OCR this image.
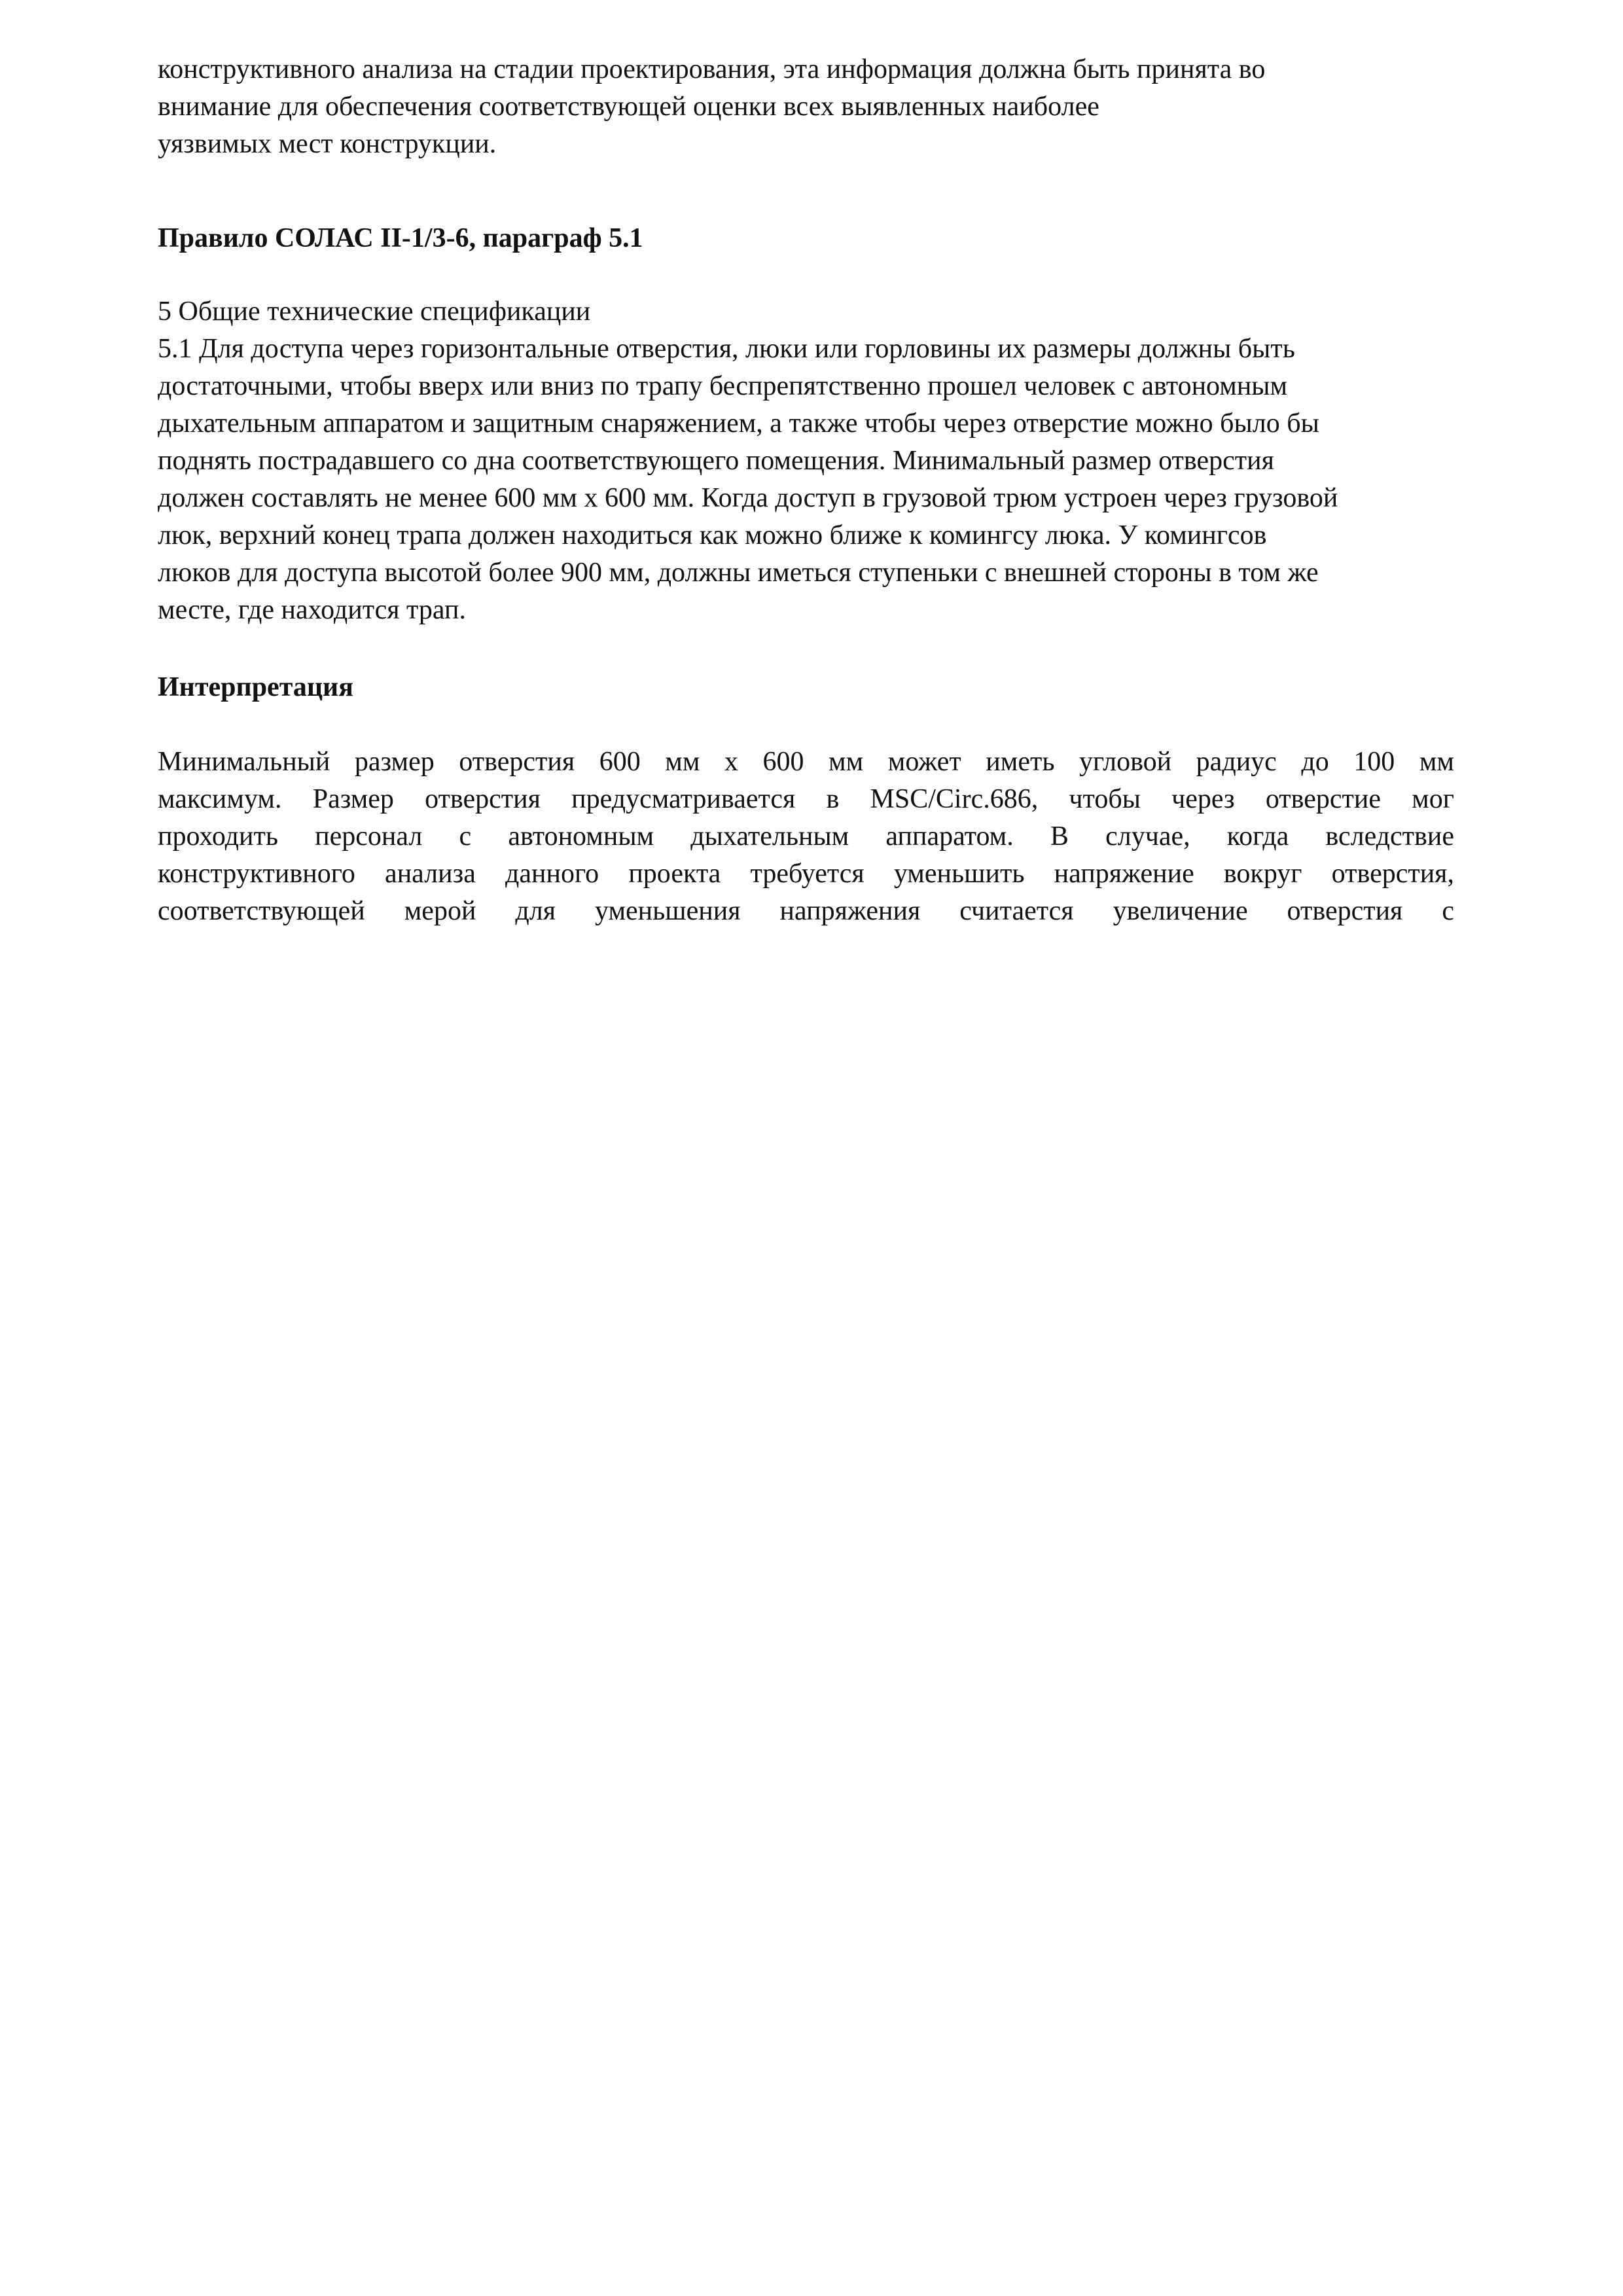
конструктивного анализа на стадии проектирования, эта информация должна быть принята во
внимание для обеспечения соответствующей оценки всех выявленных наиболее
уязвимых мест конструкции.
Правило СОЛАС II-1/3-6, параграф 5.1
5 Общие технические спецификации
5.1 Для доступа через горизонтальные отверстия, люки или горловины их размеры должны быть
достаточными, чтобы вверх или вниз по трапу беспрепятственно прошел человек с автономным
дыхательным аппаратом и защитным снаряжением, а также чтобы через отверстие можно было бы
поднять пострадавшего со дна соответствующего помещения. Минимальный размер отверстия
должен составлять не менее 600 мм х 600 мм. Когда доступ в грузовой трюм устроен через грузовой
люк, верхний конец трапа должен находиться как можно ближе к комингсу люка. У комингсов
люков для доступа высотой более 900 мм, должны иметься ступеньки с внешней стороны в том же
месте, где находится трап.
Интерпретация
Минимальный размер отверстия 600 мм х 600 мм может иметь угловой радиус до 100 мм
максимум. Размер отверстия предусматривается в MSC/Circ.686, чтобы через отверстие мог
проходить персонал с автономным дыхательным аппаратом. В случае, когда вследствие
конструктивного анализа данного проекта требуется уменьшить напряжение вокруг отверстия,
соответствующей мерой для уменьшения напряжения считается увеличение отверстия с
